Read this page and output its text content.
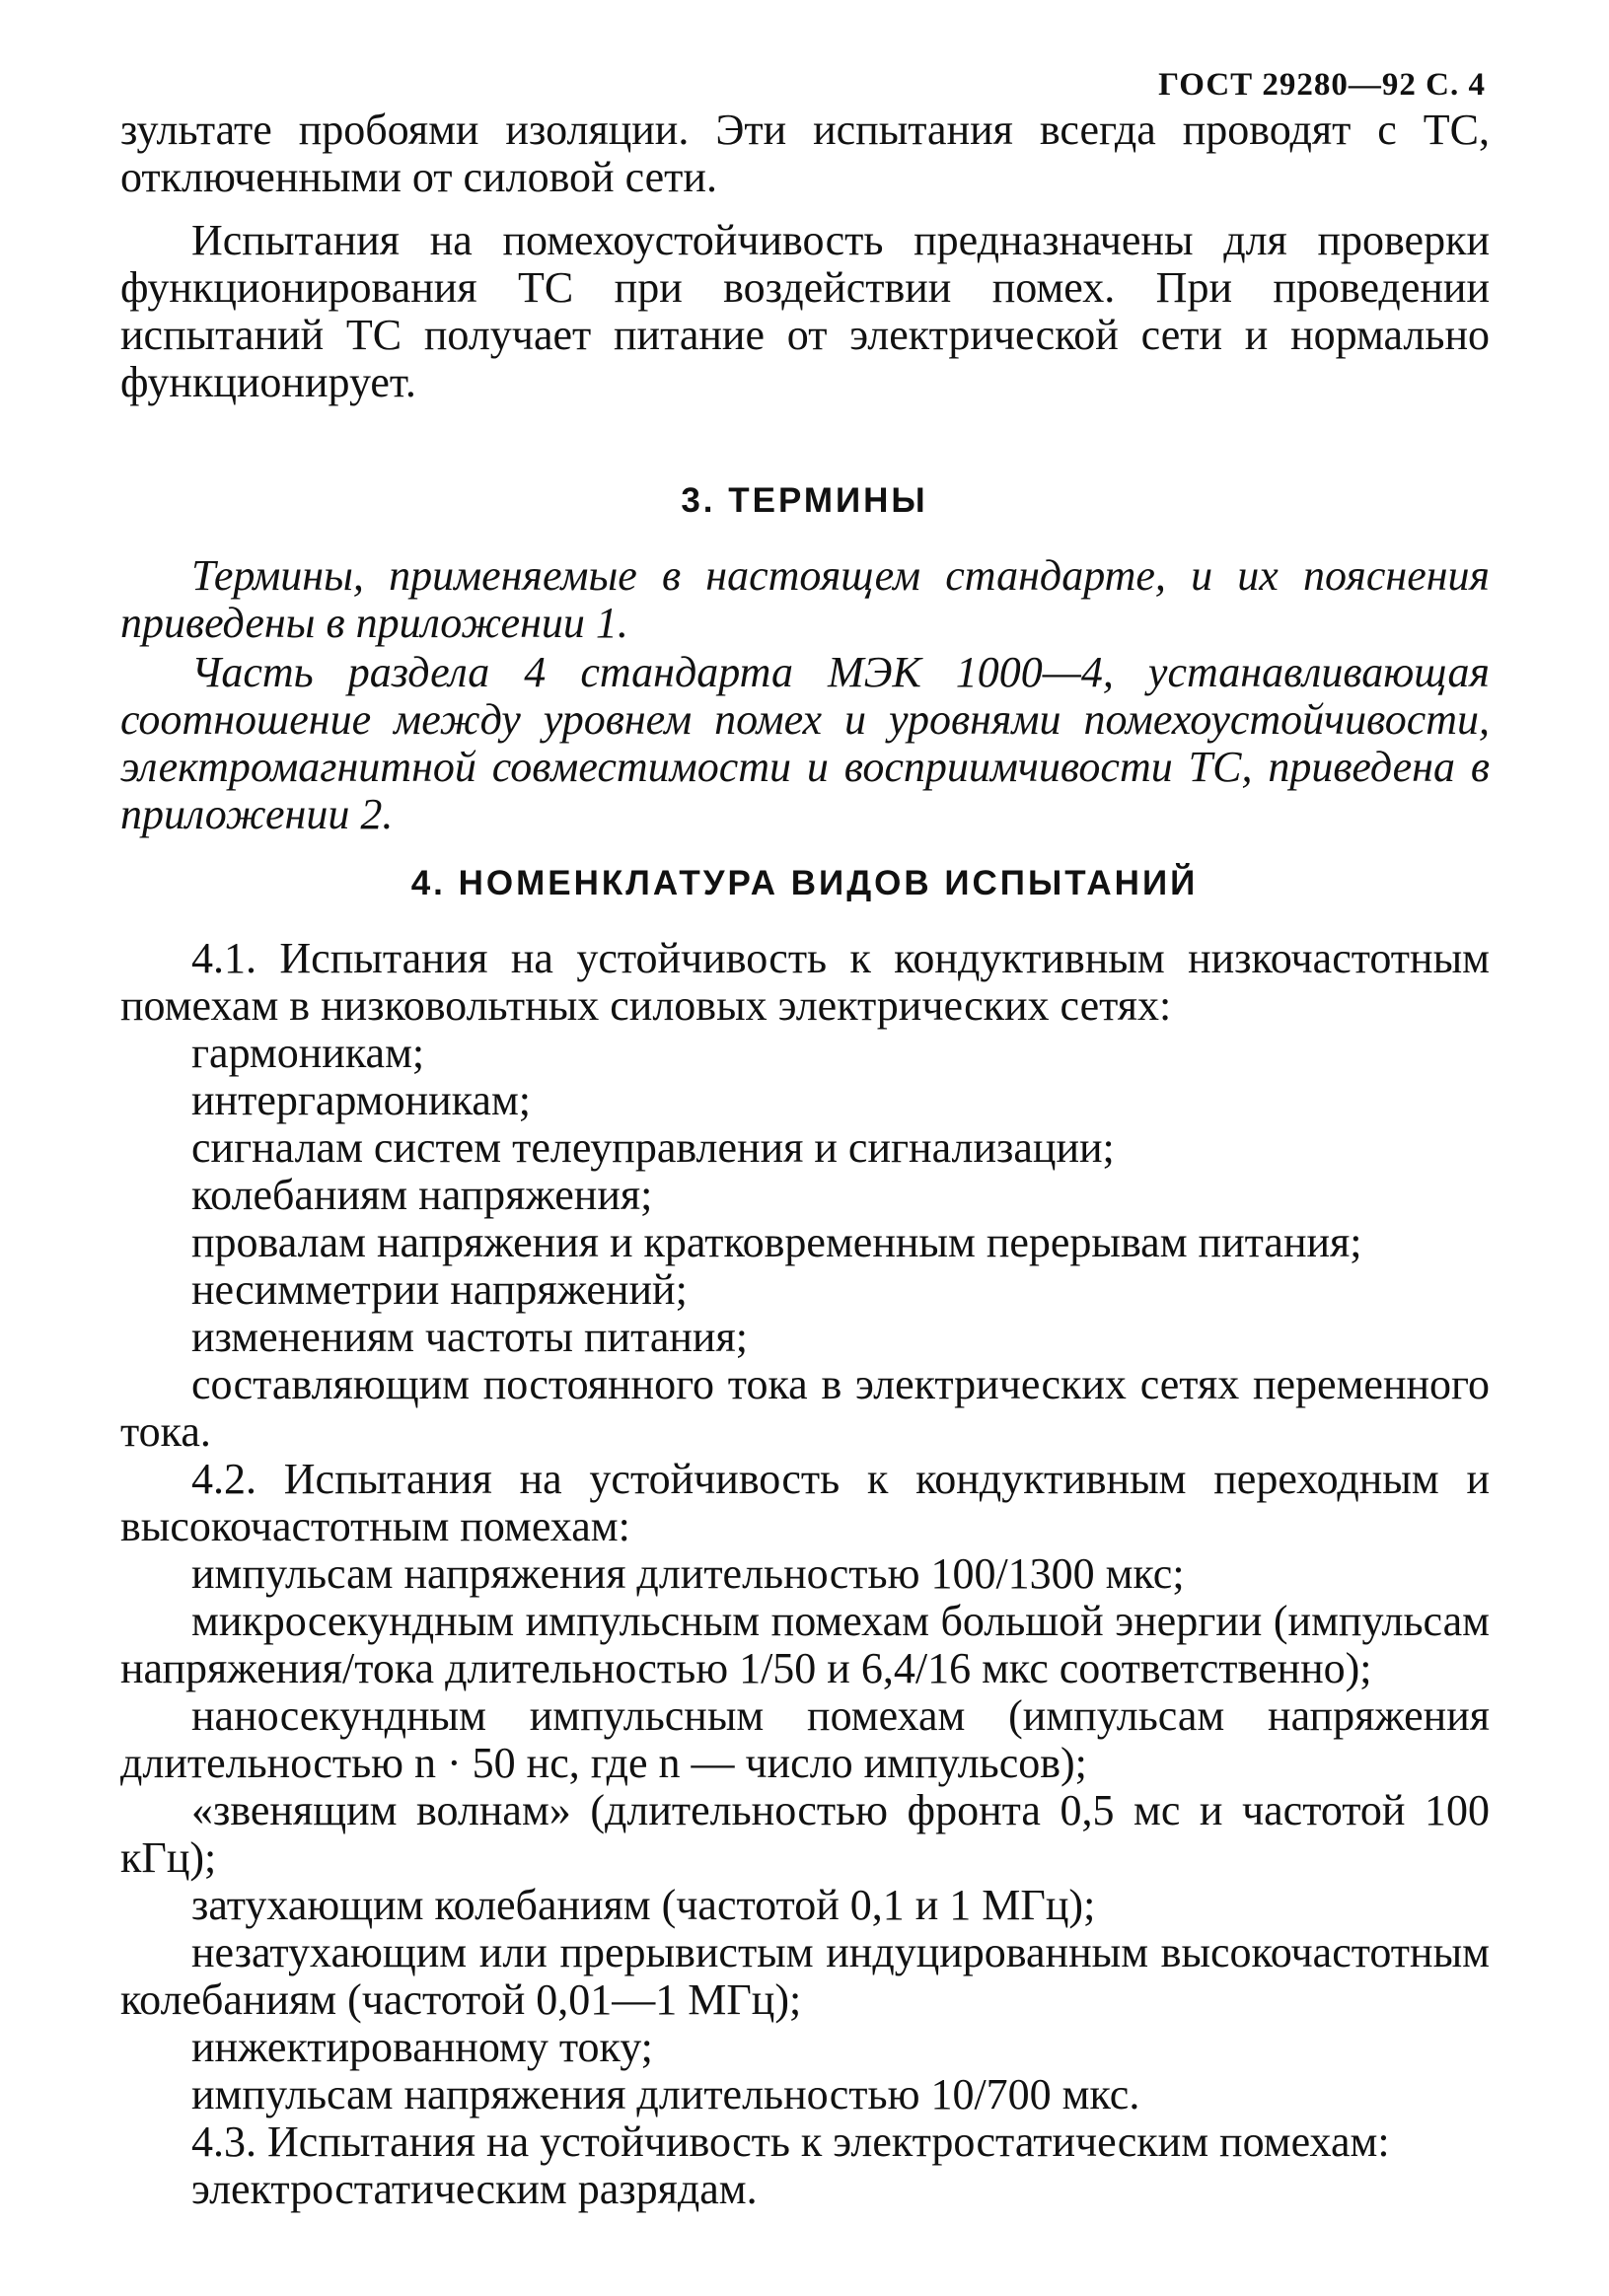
ГОСТ 29280—92 С. 4

зультате пробоями изоляции. Эти испытания всегда проводят с ТС, отключенными от силовой сети.

Испытания на помехоустойчивость предназначены для проверки функционирования ТС при воздействии помех. При проведении испытаний ТС получает питание от электрической сети и нормально функционирует.

3. ТЕРМИНЫ

Термины, применяемые в настоящем стандарте, и их пояснения приведены в приложении 1.

Часть раздела 4 стандарта МЭК 1000—4, устанавливающая соотношение между уровнем помех и уровнями помехоустойчивости, электромагнитной совместимости и восприимчивости ТС, приведена в приложении 2.

4. НОМЕНКЛАТУРА ВИДОВ ИСПЫТАНИЙ

4.1. Испытания на устойчивость к кондуктивным низкочастотным помехам в низковольтных силовых электрических сетях:

гармоникам;

интергармоникам;

сигналам систем телеуправления и сигнализации;

колебаниям напряжения;

провалам напряжения и кратковременным перерывам питания;

несимметрии напряжений;

изменениям частоты питания;

составляющим постоянного тока в электрических сетях переменного тока.

4.2. Испытания на устойчивость к кондуктивным переходным и высокочастотным помехам:

импульсам напряжения длительностью 100/1300 мкс;

микросекундным импульсным помехам большой энергии (импульсам напряжения/тока длительностью 1/50 и 6,4/16 мкс соответственно);

наносекундным импульсным помехам (импульсам напряжения длительностью n · 50 нс, где n — число импульсов);

«звенящим волнам» (длительностью фронта 0,5 мс и частотой 100 кГц);

затухающим колебаниям (частотой 0,1 и 1 МГц);

незатухающим или прерывистым индуцированным высокочастотным колебаниям (частотой 0,01—1 МГц);

инжектированному току;

импульсам напряжения длительностью 10/700 мкс.

4.3. Испытания на устойчивость к электростатическим помехам:

электростатическим разрядам.
